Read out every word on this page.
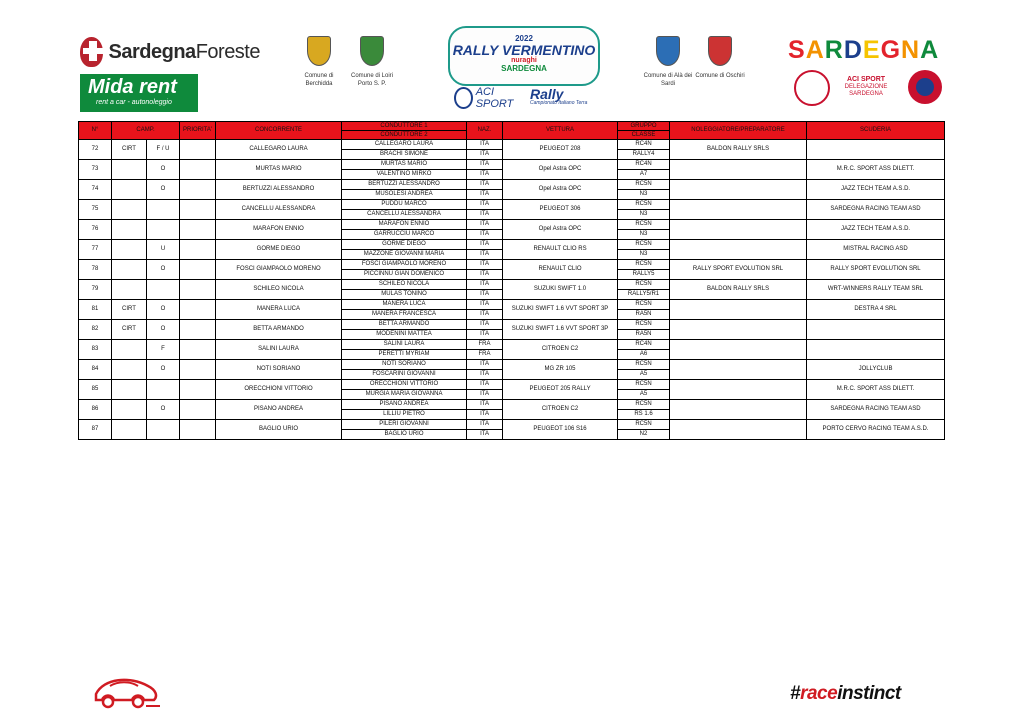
SardegnaForeste
Mida rent
rent a car - autonoleggio
Comune di Berchidda
Comune di Loiri Porto S. P.
2022
RALLY VERMENTINO
nuraghi
SARDEGNA
ACI SPORT
Rally
Campionato Italiano Terra
Comune di Alà dei Sardi
Comune di Oschiri
SARDEGNA
ACI SPORT
DELEGAZIONE SARDEGNA
N°	CAMP.		PRIORITA'	CONCORRENTE	CONDUTTORE 1	NAZ.	VETTURA	GRUPPO	NOLEGGIATORE/PREPARATORE	SCUDERIA
					CONDUTTORE 2			CLASSE		
72	CIRT	F / U		CALLEGARO LAURA	CALLEGARO LAURA	ITA	PEUGEOT 208	RC4N	BALDON RALLY SRLS	
					BRACHI SIMONE	ITA		RALLY4		
73		O		MURTAS MARIO	MURTAS MARIO	ITA	Opel Astra OPC	RC4N		M.R.C. SPORT ASS DILETT.
					VALENTINO MIRKO	ITA		A7		
74		O		BERTUZZI ALESSANDRO	BERTUZZI ALESSANDRO	ITA	Opel Astra OPC	RC5N		JAZZ TECH TEAM A.S.D.
					MUSOLESI ANDREA	ITA		N3		
75				CANCELLU ALESSANDRA	PUDDU MARCO	ITA	PEUGEOT 306	RC5N		SARDEGNA RACING TEAM ASD
					CANCELLU ALESSANDRA	ITA		N3		
76				MARAFON ENNIO	MARAFON ENNIO	ITA	Opel Astra OPC	RC5N		JAZZ TECH TEAM A.S.D.
					GARRUCCIU MARCO	ITA		N3		
77		U		GORME DIEGO	GORME DIEGO	ITA	RENAULT CLIO RS	RC5N		MISTRAL RACING ASD
					MAZZONE GIOVANNI MARIA	ITA		N3		
78		O		FOSCI GIAMPAOLO MORENO	FOSCI GIAMPAOLO MORENO	ITA	RENAULT CLIO	RC5N	RALLY SPORT EVOLUTION SRL	RALLY SPORT EVOLUTION SRL
					PICCINNU GIAN DOMENICO	ITA		RALLY5		
79				SCHILEO NICOLA	SCHILEO NICOLA	ITA	SUZUKI SWIFT 1.0	RC5N	BALDON RALLY SRLS	WRT-WINNERS RALLY TEAM SRL
					MULAS TONINO	ITA		RALLY5/R1		
81	CIRT	O		MANERA LUCA	MANERA LUCA	ITA	SUZUKI SWIFT 1.6 VVT SPORT 3P	RC5N		DESTRA 4 SRL
					MANERA FRANCESCA	ITA		RA5N		
82	CIRT	O		BETTA ARMANDO	BETTA ARMANDO	ITA	SUZUKI SWIFT 1.6 VVT SPORT 3P	RC5N		
					MODENINI MATTEA	ITA		RA5N		
83		F		SALINI LAURA	SALINI LAURA	FRA	CITROEN C2	RC4N		
					PERETTI MYRIAM	FRA		A6		
84		O		NOTI SORIANO	NOTI SORIANO	ITA	MG ZR 105	RC5N		JOLLYCLUB
					FOSCARINI GIOVANNI	ITA		A5		
85				ORECCHIONI VITTORIO	ORECCHIONI VITTORIO	ITA	PEUGEOT 205 RALLY	RC5N		M.R.C. SPORT ASS DILETT.
					MURGIA MARIA GIOVANNA	ITA		A5		
86		O		PISANO ANDREA	PISANO ANDREA	ITA	CITROEN C2	RC5N		SARDEGNA RACING TEAM ASD
					LILLIU PIETRO	ITA		RS 1.6		
87				BAGLIO URIO	PILERI GIOVANNI	ITA	PEUGEOT 106 S16	RC5N		PORTO CERVO RACING TEAM A.S.D.
					BAGLIO URIO	ITA		N2		
#raceinstinct
